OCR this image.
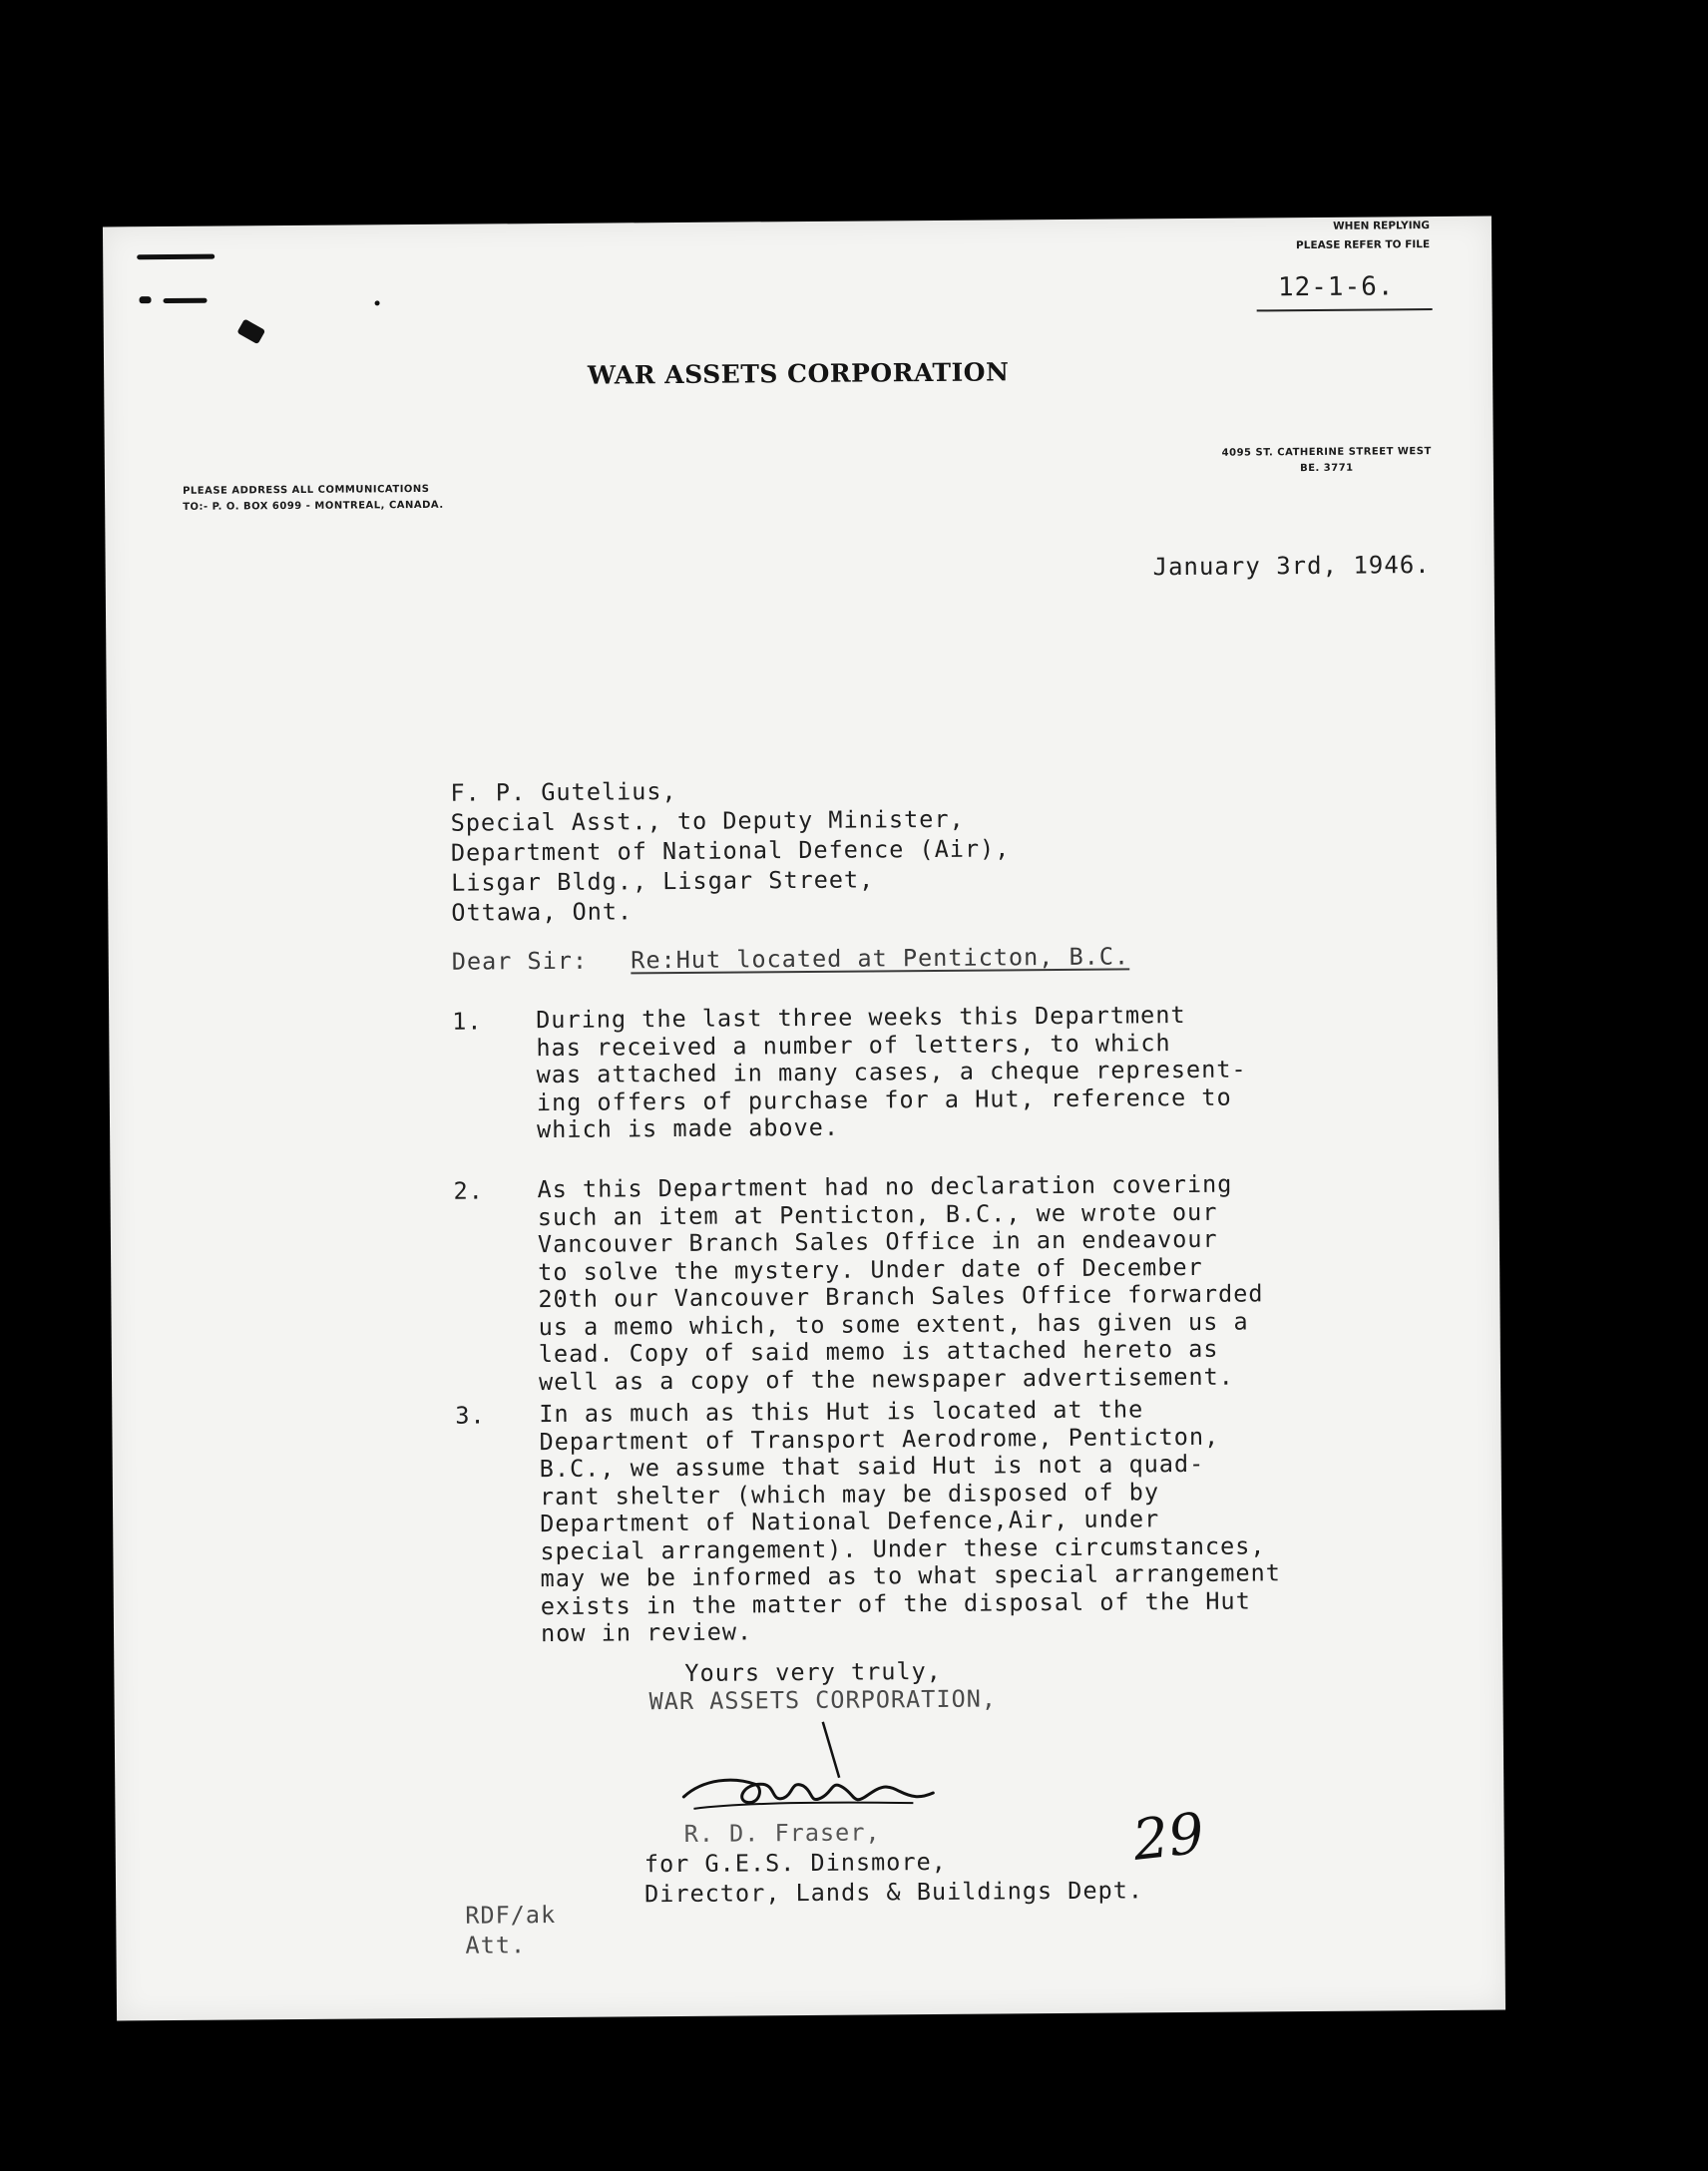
WHEN REPLYING
PLEASE REFER TO FILE
12-1-6.
WAR ASSETS CORPORATION
4095 ST. CATHERINE STREET WEST
BE. 3771
PLEASE ADDRESS ALL COMMUNICATIONS
TO:- P. O. BOX 6099 - MONTREAL, CANADA.
January 3rd, 1946.
F. P. Gutelius,
Special Asst., to Deputy Minister,
Department of National Defence (Air),
Lisgar Bldg., Lisgar Street,
Ottawa, Ont.
Dear Sir: Re:Hut located at Penticton, B.C.
1. During the last three weeks this Department
has received a number of letters, to which
was attached in many cases, a cheque represent-
ing offers of purchase for a Hut, reference to
which is made above.
2. As this Department had no declaration covering
such an item at Penticton, B.C., we wrote our
Vancouver Branch Sales Office in an endeavour
to solve the mystery. Under date of December
20th our Vancouver Branch Sales Office forwarded
us a memo which, to some extent, has given us a
lead. Copy of said memo is attached hereto as
well as a copy of the newspaper advertisement.
3. In as much as this Hut is located at the
Department of Transport Aerodrome, Penticton,
B.C., we assume that said Hut is not a quad-
rant shelter (which may be disposed of by
Department of National Defence,Air, under
special arrangement). Under these circumstances,
may we be informed as to what special arrangement
exists in the matter of the disposal of the Hut
now in review.
Yours very truly,
WAR ASSETS CORPORATION,
R. D. Fraser,
for G.E.S. Dinsmore,
Director, Lands & Buildings Dept.
RDF/ak
Att.
29
